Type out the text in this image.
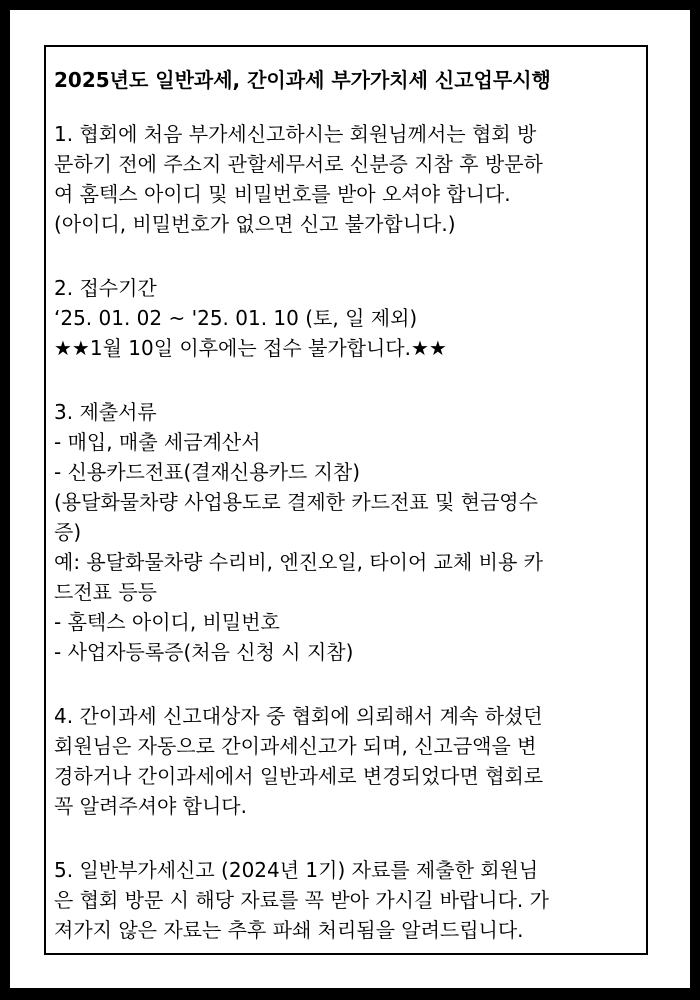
2025년도 일반과세, 간이과세 부가가치세 신고업무시행
1. 협회에 처음 부가세신고하시는 회원님께서는 협회 방
문하기 전에 주소지 관할세무서로 신분증 지참 후 방문하
여 홈텍스 아이디 및 비밀번호를 받아 오셔야 합니다.
(아이디, 비밀번호가 없으면 신고 불가합니다.)
2. 접수기간
‘25. 01. 02 ~ '25. 01. 10 (토, 일 제외)
★★1월 10일 이후에는 접수 불가합니다.★★
3. 제출서류
- 매입, 매출 세금계산서
- 신용카드전표(결재신용카드 지참)
(용달화물차량 사업용도로 결제한 카드전표 및 현금영수
증)
예: 용달화물차량 수리비, 엔진오일, 타이어 교체 비용 카
드전표 등등
- 홈텍스 아이디, 비밀번호
- 사업자등록증(처음 신청 시 지참)
4. 간이과세 신고대상자 중 협회에 의뢰해서 계속 하셨던
회원님은 자동으로 간이과세신고가 되며, 신고금액을 변
경하거나 간이과세에서 일반과세로 변경되었다면 협회로
꼭 알려주셔야 합니다.
5. 일반부가세신고 (2024년 1기) 자료를 제출한 회원님
은 협회 방문 시 해당 자료를 꼭 받아 가시길 바랍니다. 가
져가지 않은 자료는 추후 파쇄 처리됨을 알려드립니다.
